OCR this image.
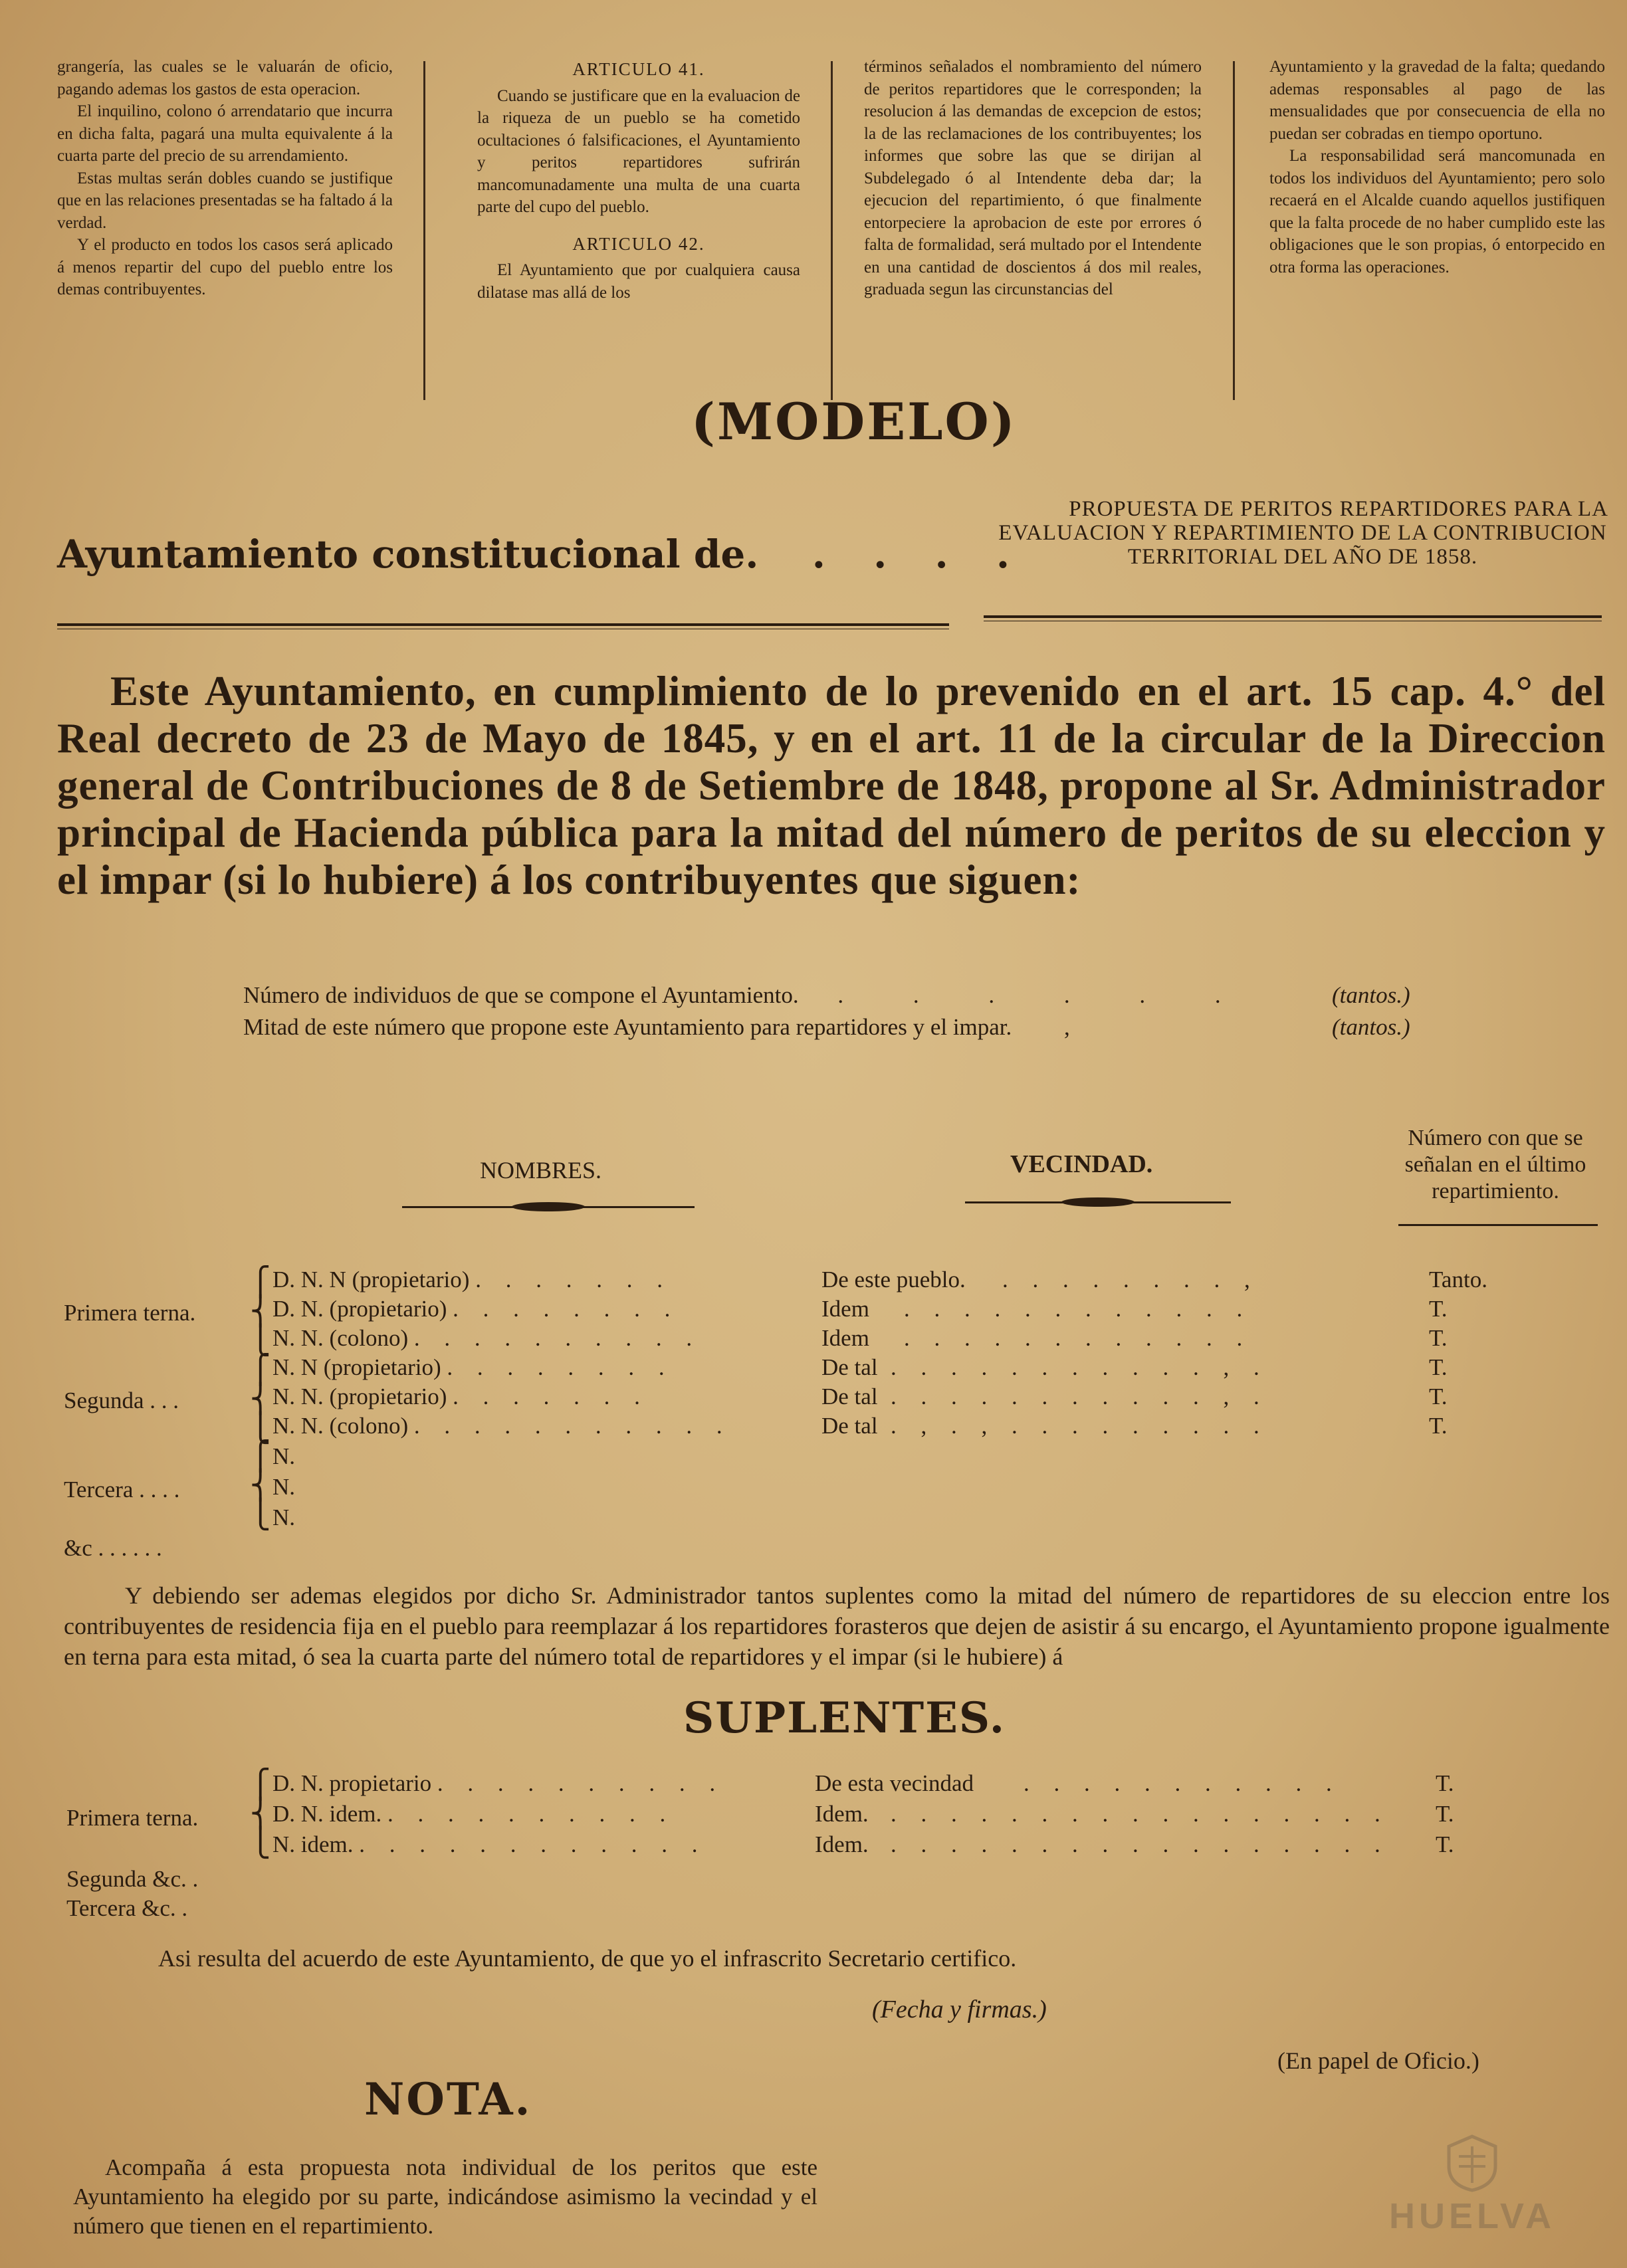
grangería, las cuales se le valuarán de oficio, pagando ademas los gastos de esta operacion.

El inquilino, colono ó arrendatario que incurra en dicha falta, pagará una multa equivalente á la cuarta parte del precio de su arrendamiento.

Estas multas serán dobles cuando se justifique que en las relaciones presentadas se ha faltado á la verdad.

Y el producto en todos los casos será aplicado á menos repartir del cupo del pueblo entre los demas contribuyentes.

ARTICULO 41.

Cuando se justificare que en la evaluacion de la riqueza de un pueblo se ha cometido ocultaciones ó falsificaciones, el Ayuntamiento y peritos repartidores sufrirán mancomunadamente una multa de una cuarta parte del cupo del pueblo.

ARTICULO 42.

El Ayuntamiento que por cualquiera causa dilatase mas allá de los

términos señalados el nombramiento del número de peritos repartidores que le corresponden; la resolucion á las demandas de excepcion de estos; la de las reclamaciones de los contribuyentes; los informes que sobre las que se dirijan al Subdelegado ó al Intendente deba dar; la ejecucion del repartimiento, ó que finalmente entorpeciere la aprobacion de este por errores ó falta de formalidad, será multado por el Intendente en una cantidad de doscientos á dos mil reales, graduada segun las circunstancias del

Ayuntamiento y la gravedad de la falta; quedando ademas responsables al pago de las mensualidades que por consecuencia de ella no puedan ser cobradas en tiempo oportuno.

La responsabilidad será mancomunada en todos los individuos del Ayuntamiento; pero solo recaerá en el Alcalde cuando aquellos justifiquen que la falta procede de no haber cumplido este las obligaciones que le son propias, ó entorpecido en otra forma las operaciones.

(MODELO)
Ayuntamiento constitucional de. . . . .
PROPUESTA DE PERITOS REPARTIDORES PARA LA
EVALUACION Y REPARTIMIENTO DE LA CONTRIBUCION
TERRITORIAL DEL AÑO DE 1858.
Este Ayuntamiento, en cumplimiento de lo prevenido en el art. 15 cap. 4.° del Real decreto de 23 de Mayo de 1845, y en el art. 11 de la circular de la Direccion general de Contribuciones de 8 de Setiembre de 1848, propone al Sr. Administrador principal de Hacienda pública para la mitad del número de peritos de su eleccion y el impar (si lo hubiere) á los contribuyentes que siguen:
Número de individuos de que se compone el Ayuntamiento. . . . . . .	(tantos.)
Mitad de este número que propone este Ayuntamiento para repartidores y el impar. ,	(tantos.)
NOMBRES.	VECINDAD.
Número con que se
señalan en el último
repartimiento.
Primera terna.
⎧
⎨
⎩
Segunda . . .
⎧
⎨
⎩
Tercera . . . .
⎧
⎨
⎩
&c . . . . . .
D. N. N (propietario) . . . . . . .	De este pueblo. . . . . . . . . ,	Tanto.
D. N. (propietario) . . . . . . . .	Idem . . . . . . . . . . . .	T.
N. N. (colono) . . . . . . . . . .	Idem . . . . . . . . . . . .	T.
N. N (propietario) . . . . . . . .	De tal . . . . . . . . . . . , .	T.
N. N. (propietario) . . . . . . .	De tal . . . . . . . . . . . , .	T.
N. N. (colono) . . . . . . . . . . .	De tal . , . , . . . . . . . . .	T.
N.
N.
N.
Y debiendo ser ademas elegidos por dicho Sr. Administrador tantos suplentes como la mitad del número de repartidores de su eleccion entre los contribuyentes de residencia fija en el pueblo para reemplazar á los repartidores forasteros que dejen de asistir á su encargo, el Ayuntamiento propone igualmente en terna para esta mitad, ó sea la cuarta parte del número total de repartidores y el impar (si le hubiere) á
SUPLENTES.
Primera terna.
⎧
⎨
⎩
D. N. propietario . . . . . . . . . .	De esta vecindad . . . . . . . . . . .	T.
D. N. idem. . . . . . . . . . .	Idem. . . . . . . . . . . . . . . . . . T.
N. idem. . . . . . . . . . . . .	Idem. . . . . . . . . . . . . . . . . . T.
Segunda &c. .
Tercera &c. .
Asi resulta del acuerdo de este Ayuntamiento, de que yo el infrascrito Secretario certifico.
(Fecha y firmas.)
(En papel de Oficio.)
NOTA.
Acompaña á esta propuesta nota individual de los peritos que este Ayuntamiento ha elegido por su parte, indicándose asimismo la vecindad y el número que tienen en el repartimiento.	HUELVA
